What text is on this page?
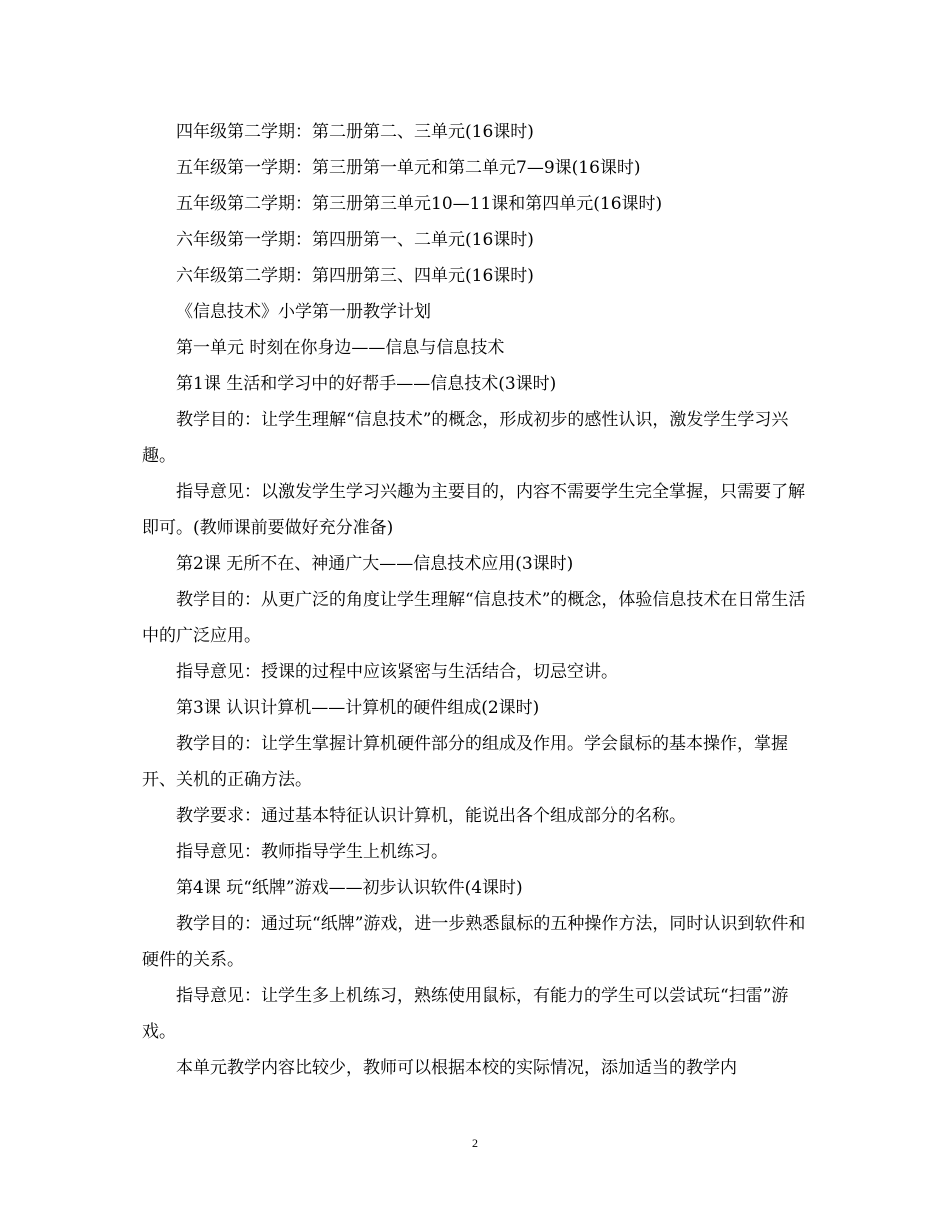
四年级第二学期：第二册第二、三单元(16课时)

五年级第一学期：第三册第一单元和第二单元7—9课(16课时)

五年级第二学期：第三册第三单元10—11课和第四单元(16课时)

六年级第一学期：第四册第一、二单元(16课时)

六年级第二学期：第四册第三、四单元(16课时)

《信息技术》小学第一册教学计划

第一单元 时刻在你身边——信息与信息技术

第1课 生活和学习中的好帮手——信息技术(3课时)

教学目的：让学生理解“信息技术”的概念，形成初步的感性认识，激发学生学习兴趣。

指导意见：以激发学生学习兴趣为主要目的，内容不需要学生完全掌握，只需要了解即可。(教师课前要做好充分准备)

第2课 无所不在、神通广大——信息技术应用(3课时)

教学目的：从更广泛的角度让学生理解“信息技术”的概念，体验信息技术在日常生活中的广泛应用。

指导意见：授课的过程中应该紧密与生活结合，切忌空讲。

第3课 认识计算机——计算机的硬件组成(2课时)

教学目的：让学生掌握计算机硬件部分的组成及作用。学会鼠标的基本操作，掌握开、关机的正确方法。

教学要求：通过基本特征认识计算机，能说出各个组成部分的名称。

指导意见：教师指导学生上机练习。

第4课 玩“纸牌”游戏——初步认识软件(4课时)

教学目的：通过玩“纸牌”游戏，进一步熟悉鼠标的五种操作方法，同时认识到软件和硬件的关系。

指导意见：让学生多上机练习，熟练使用鼠标，有能力的学生可以尝试玩“扫雷”游戏。

本单元教学内容比较少，教师可以根据本校的实际情况，添加适当的教学内

2
